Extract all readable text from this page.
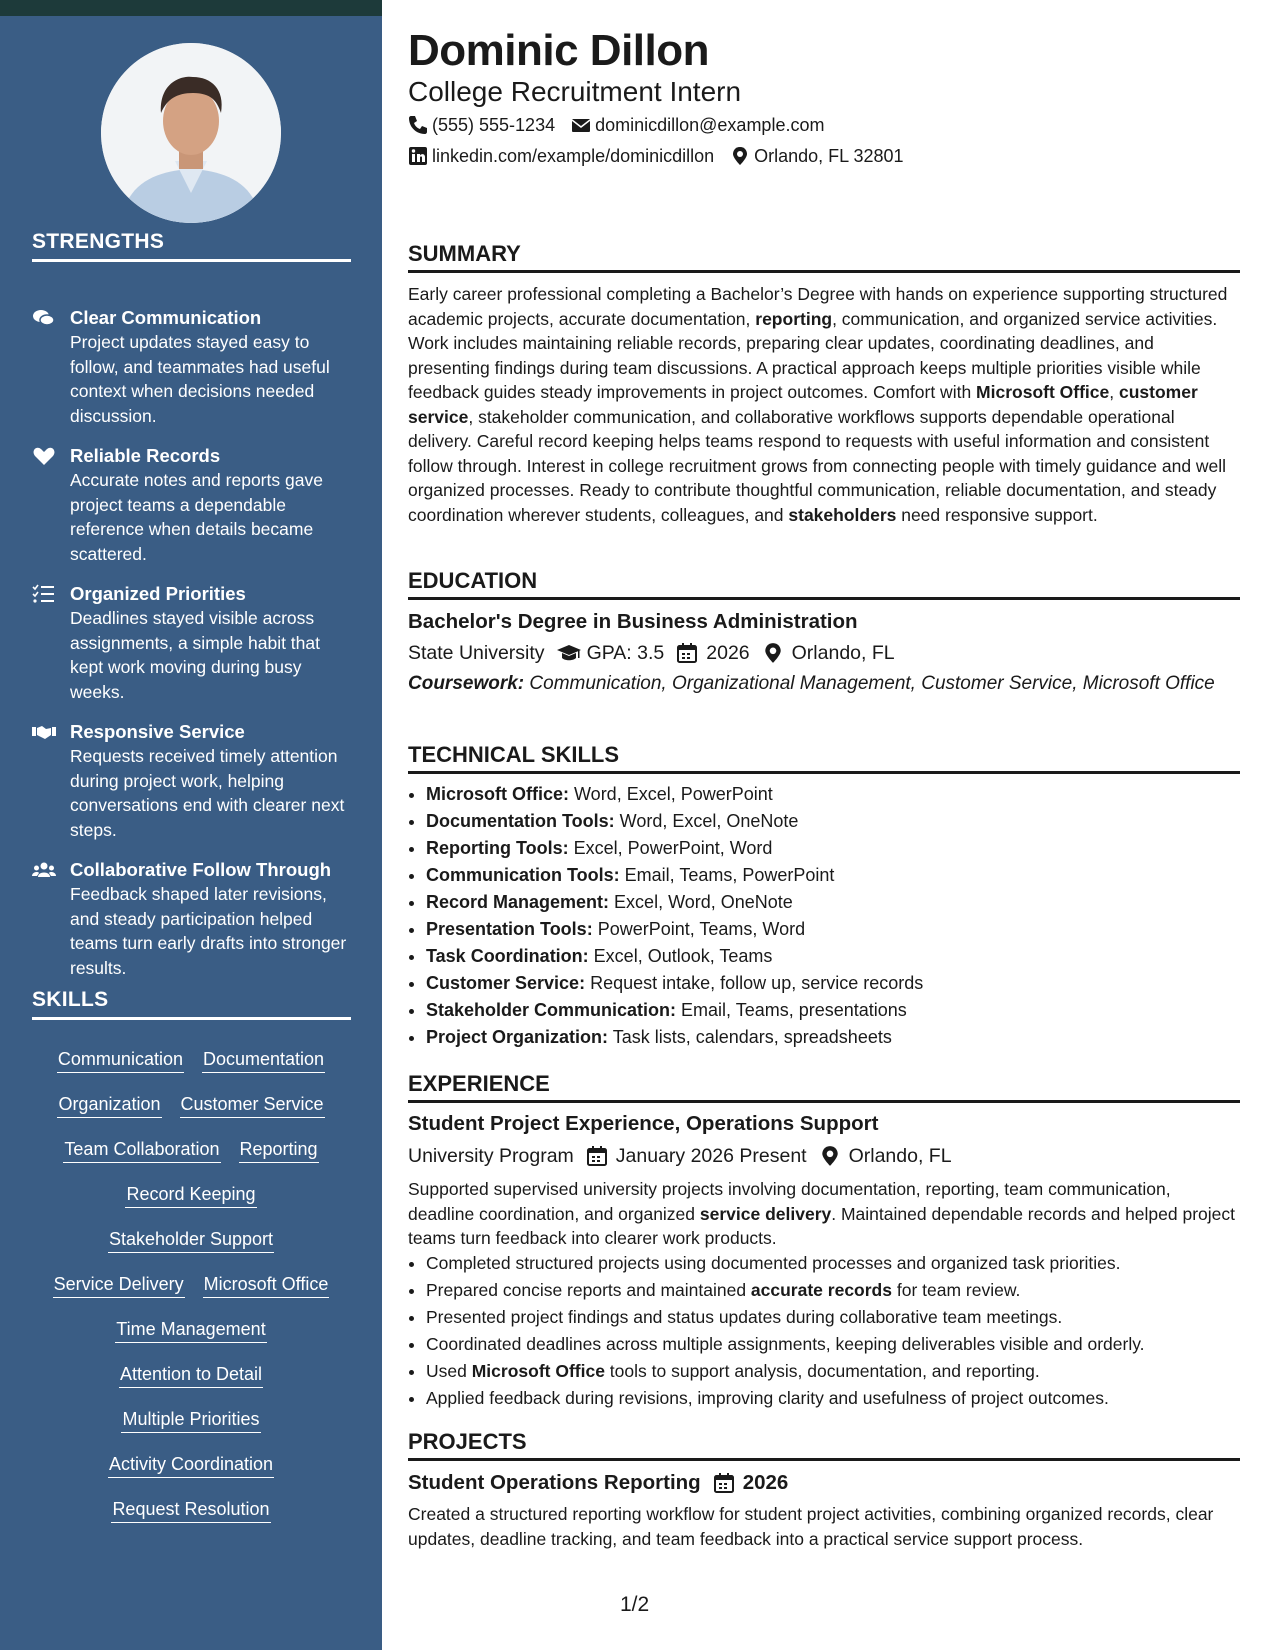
STRENGTHS
Clear Communication
Project updates stayed easy to follow, and teammates had useful context when decisions needed discussion.
Reliable Records
Accurate notes and reports gave project teams a dependable reference when details became scattered.
Organized Priorities
Deadlines stayed visible across assignments, a simple habit that kept work moving during busy weeks.
Responsive Service
Requests received timely attention during project work, helping conversations end with clearer next steps.
Collaborative Follow Through
Feedback shaped later revisions, and steady participation helped teams turn early drafts into stronger results.
SKILLS
Communication Documentation
Organization Customer Service
Team Collaboration Reporting
Record Keeping
Stakeholder Support
Service Delivery Microsoft Office
Time Management
Attention to Detail
Multiple Priorities
Activity Coordination
Request Resolution
Dominic Dillon
College Recruitment Intern
(555) 555-1234 dominicdillon@example.com
linkedin.com/example/dominicdillon Orlando, FL 32801
SUMMARY
Early career professional completing a Bachelor’s Degree with hands on experience supporting structured academic projects, accurate documentation, reporting, communication, and organized service activities. Work includes maintaining reliable records, preparing clear updates, coordinating deadlines, and presenting findings during team discussions. A practical approach keeps multiple priorities visible while feedback guides steady improvements in project outcomes. Comfort with Microsoft Office, customer service, stakeholder communication, and collaborative workflows supports dependable operational delivery. Careful record keeping helps teams respond to requests with useful information and consistent follow through. Interest in college recruitment grows from connecting people with timely guidance and well organized processes. Ready to contribute thoughtful communication, reliable documentation, and steady coordination wherever students, colleagues, and stakeholders need responsive support.
EDUCATION
Bachelor's Degree in Business Administration
State University GPA: 3.5 2026 Orlando, FL
Coursework: Communication, Organizational Management, Customer Service, Microsoft Office
TECHNICAL SKILLS
• Microsoft Office: Word, Excel, PowerPoint
• Documentation Tools: Word, Excel, OneNote
• Reporting Tools: Excel, PowerPoint, Word
• Communication Tools: Email, Teams, PowerPoint
• Record Management: Excel, Word, OneNote
• Presentation Tools: PowerPoint, Teams, Word
• Task Coordination: Excel, Outlook, Teams
• Customer Service: Request intake, follow up, service records
• Stakeholder Communication: Email, Teams, presentations
• Project Organization: Task lists, calendars, spreadsheets
EXPERIENCE
Student Project Experience, Operations Support
University Program January 2026 Present Orlando, FL
Supported supervised university projects involving documentation, reporting, team communication, deadline coordination, and organized service delivery. Maintained dependable records and helped project teams turn feedback into clearer work products.
• Completed structured projects using documented processes and organized task priorities.
• Prepared concise reports and maintained accurate records for team review.
• Presented project findings and status updates during collaborative team meetings.
• Coordinated deadlines across multiple assignments, keeping deliverables visible and orderly.
• Used Microsoft Office tools to support analysis, documentation, and reporting.
• Applied feedback during revisions, improving clarity and usefulness of project outcomes.
PROJECTS
Student Operations Reporting 2026
Created a structured reporting workflow for student project activities, combining organized records, clear updates, deadline tracking, and team feedback into a practical service support process.
1/2
